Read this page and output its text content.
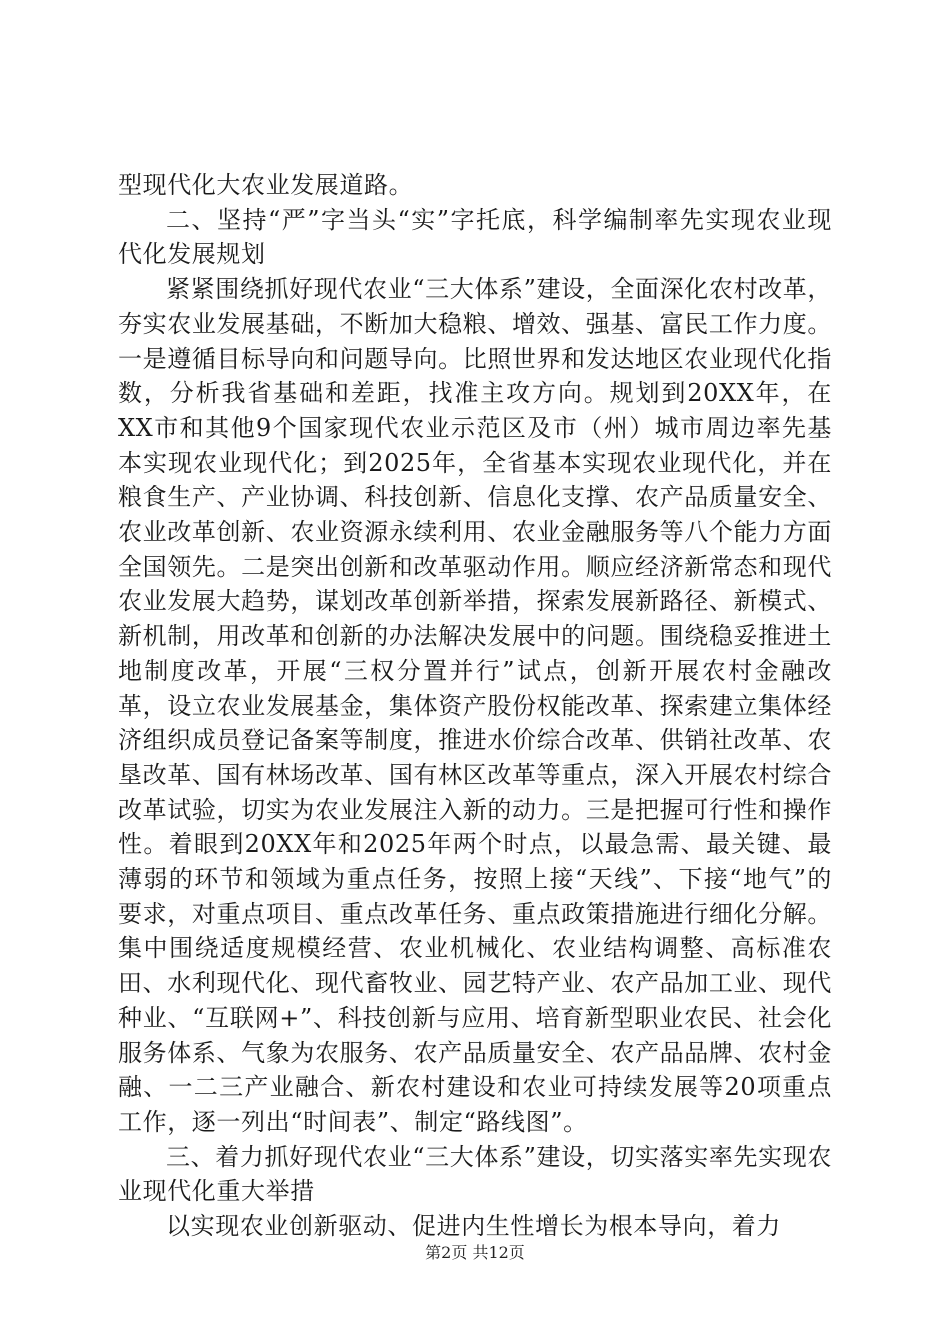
型现代化大农业发展道路。

二、坚持“严”字当头“实”字托底，科学编制率先实现农业现代化发展规划

紧紧围绕抓好现代农业“三大体系”建设，全面深化农村改革，夯实农业发展基础，不断加大稳粮、增效、强基、富民工作力度。一是遵循目标导向和问题导向。比照世界和发达地区农业现代化指数，分析我省基础和差距，找准主攻方向。规划到20XX年，在XX市和其他9个国家现代农业示范区及市（州）城市周边率先基本实现农业现代化；到2025年，全省基本实现农业现代化，并在粮食生产、产业协调、科技创新、信息化支撑、农产品质量安全、农业改革创新、农业资源永续利用、农业金融服务等八个能力方面全国领先。二是突出创新和改革驱动作用。顺应经济新常态和现代农业发展大趋势，谋划改革创新举措，探索发展新路径、新模式、新机制，用改革和创新的办法解决发展中的问题。围绕稳妥推进土地制度改革，开展“三权分置并行”试点，创新开展农村金融改革，设立农业发展基金，集体资产股份权能改革、探索建立集体经济组织成员登记备案等制度，推进水价综合改革、供销社改革、农垦改革、国有林场改革、国有林区改革等重点，深入开展农村综合改革试验，切实为农业发展注入新的动力。三是把握可行性和操作性。着眼到20XX年和2025年两个时点，以最急需、最关键、最薄弱的环节和领域为重点任务，按照上接“天线”、下接“地气”的要求，对重点项目、重点改革任务、重点政策措施进行细化分解。集中围绕适度规模经营、农业机械化、农业结构调整、高标准农田、水利现代化、现代畜牧业、园艺特产业、农产品加工业、现代种业、“互联网+”、科技创新与应用、培育新型职业农民、社会化服务体系、气象为农服务、农产品质量安全、农产品品牌、农村金融、一二三产业融合、新农村建设和农业可持续发展等20项重点工作，逐一列出“时间表”、制定“路线图”。

三、着力抓好现代农业“三大体系”建设，切实落实率先实现农业现代化重大举措

以实现农业创新驱动、促进内生性增长为根本导向，着力

第2页 共12页
